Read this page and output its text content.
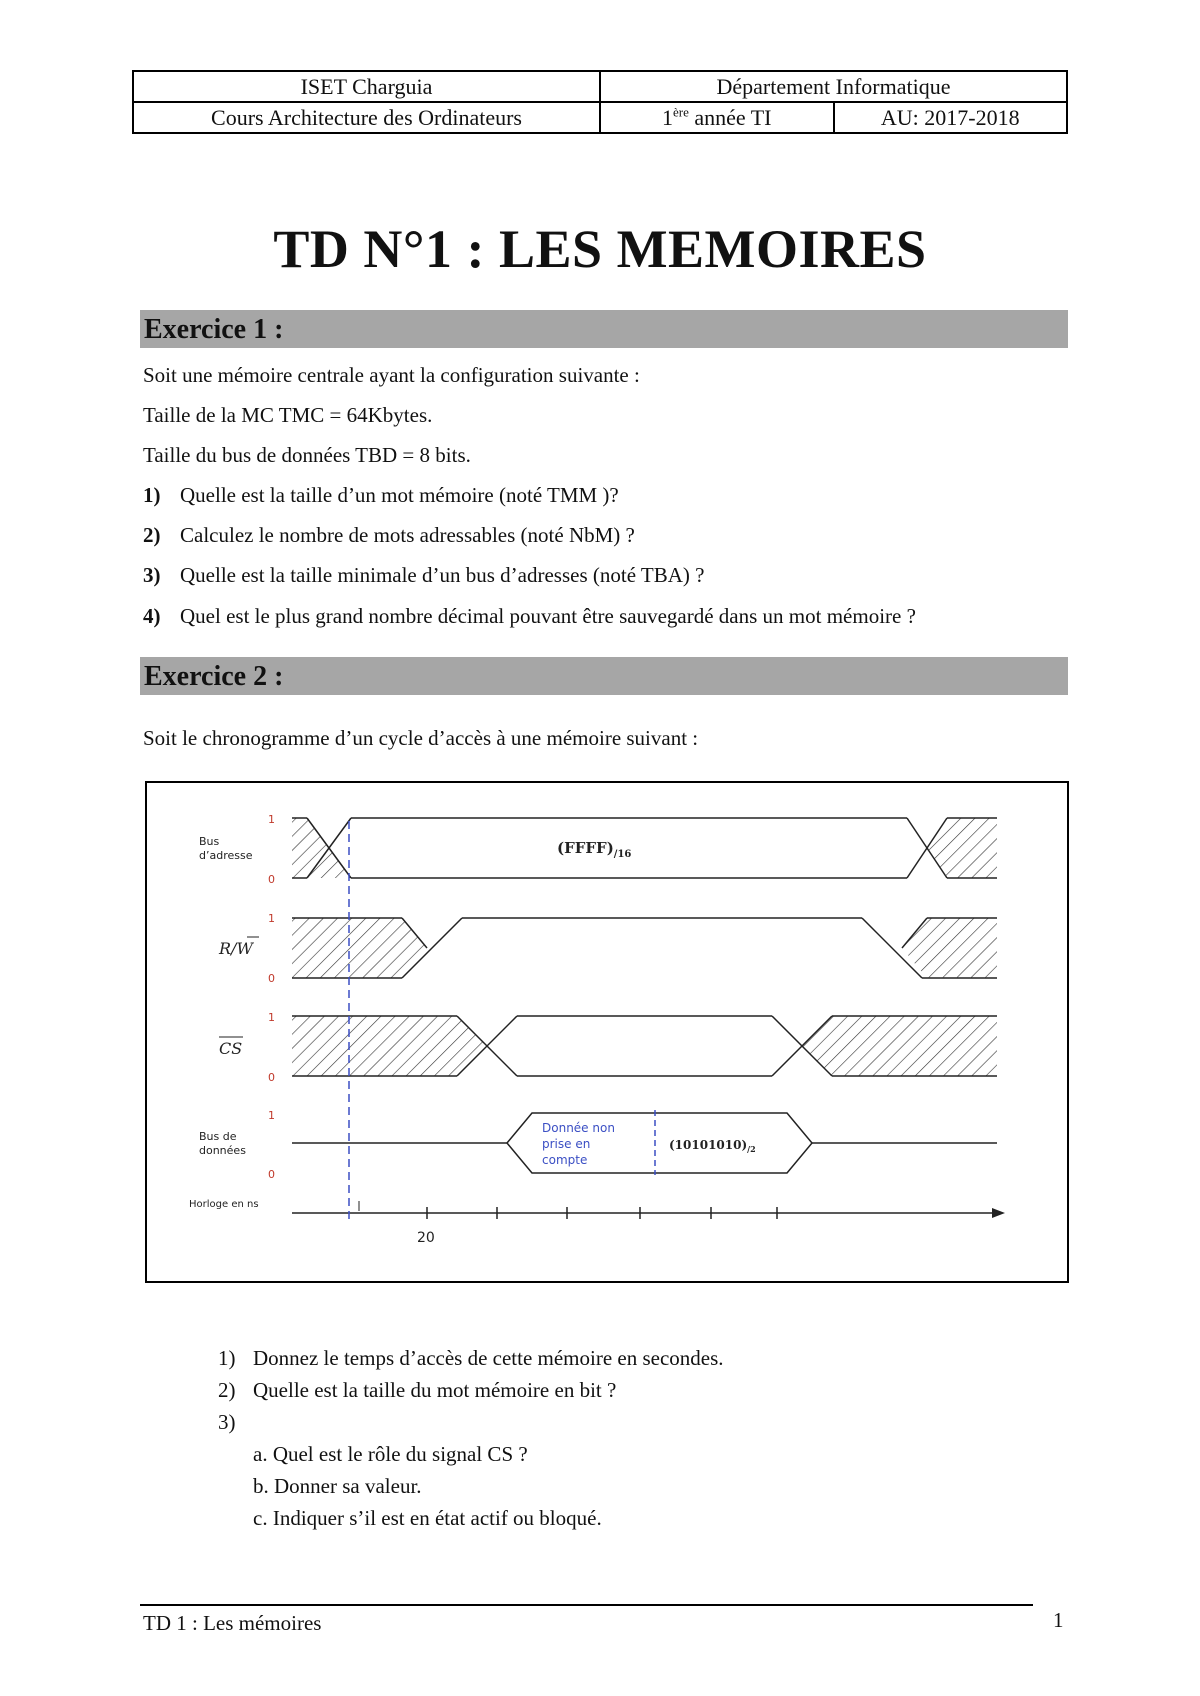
ISET Charguia	Département Informatique	
Cours Architecture des Ordinateurs	1ère année TI	AU: 2017-2018
TD N°1 : LES MEMOIRES
Exercice 1 :
Soit une mémoire centrale ayant la configuration suivante :
Taille de la MC TMC = 64Kbytes.
Taille du bus de données TBD = 8 bits.
1) Quelle est la taille d’un mot mémoire (noté TMM )?
2) Calculez le nombre de mots adressables (noté NbM) ?
3) Quelle est la taille minimale d’un bus d’adresses (noté TBA) ?
4) Quel est le plus grand nombre décimal pouvant être sauvegardé dans un mot mémoire ?
Exercice 2 :
Soit le chronogramme d’un cycle d’accès à une mémoire suivant :
Bus
d’adresse
R/W
CS
Bus de
données
Horloge en ns
1
0
1
0
1
0
1
0
$(FFFF)_{/16}$
Donnée non
prise en
compte
$(10101010)_{/2}$
20
1) Donnez le temps d’accès de cette mémoire en secondes.
2) Quelle est la taille du mot mémoire en bit ?
3)
a. Quel est le rôle du signal CS ?
b. Donner sa valeur.
c. Indiquer s’il est en état actif ou bloqué.
TD 1 : Les mémoires	1
